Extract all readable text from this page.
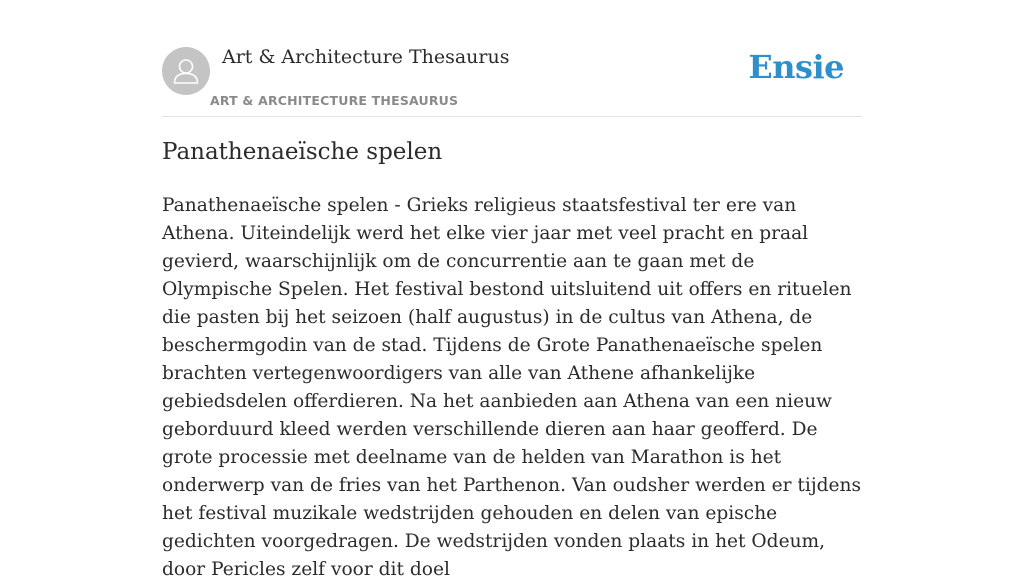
Art & Architecture Thesaurus
ART & ARCHITECTURE THESAURUS
Ensie
Panathenaeïsche spelen

Panathenaeïsche spelen - Grieks religieus staatsfestival ter ere van Athena. Uiteindelijk werd het elke vier jaar met veel pracht en praal gevierd, waarschijnlijk om de concurrentie aan te gaan met de Olympische Spelen. Het festival bestond uitsluitend uit offers en rituelen die pasten bij het seizoen (half augustus) in de cultus van Athena, de beschermgodin van de stad. Tijdens de Grote Panathenaeïsche spelen brachten vertegenwoordigers van alle van Athene afhankelijke gebiedsdelen offerdieren. Na het aanbieden aan Athena van een nieuw geborduurd kleed werden verschillende dieren aan haar geofferd. De grote processie met deelname van de helden van Marathon is het onderwerp van de fries van het Parthenon. Van oudsher werden er tijdens het festival muzikale wedstrijden gehouden en delen van epische gedichten voorgedragen. De wedstrijden vonden plaats in het Odeum, door Pericles zelf voor dit doel
